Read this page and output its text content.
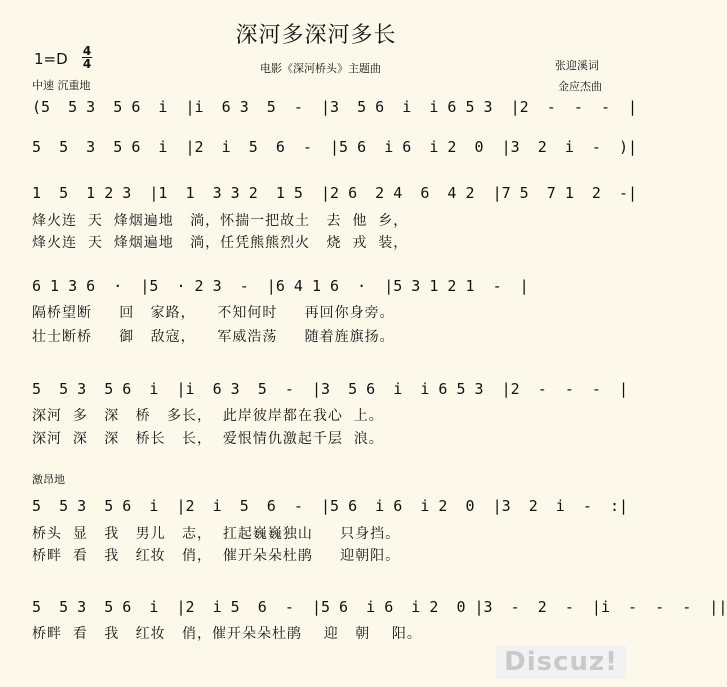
深河多深河多长
1=D 4
4	电影《深河桥头》主题曲	张迎溪词
金应杰曲
中速 沉重地
(5  5 3  5 6  i  |i  6 3  5  -  |3  5 6  i  i 6 5 3  |2  -  -  -  |
5  5  3  5 6  i  |2  i  5  6  -  |5 6  i 6  i 2  0  |3  2  i  -  )|
1  5  1 2 3  |1  1  3 3 2  1 5  |2 6  2 4  6  4 2  |7 5  7 1  2  -|
烽火连  天  烽烟遍地   淌，怀揣一把故土   去  他  乡，
烽火连  天  烽烟遍地   淌，任凭熊熊烈火   烧  戎  装，
6 1 3 6  ·  |5  · 2 3  -  |6 4 1 6  ·  |5 3 1 2 1  -  |
隔桥望断     回   家路，    不知何时     再回你身旁。
壮士断桥     御   敌寇，    军威浩荡     随着旌旗扬。
5  5 3  5 6  i  |i  6 3  5  -  |3  5 6  i  i 6 5 3  |2  -  -  -  |
深河  多   深   桥   多长，  此岸彼岸都在我心  上。
深河  深   深   桥长   长，  爱恨情仇激起千层  浪。
激昂地
5  5 3  5 6  i  |2  i  5  6  -  |5 6  i 6  i 2  0  |3  2  i  -  :|
桥头  显   我   男儿   志，  扛起巍巍独山     只身挡。
桥畔  看   我   红妆   俏，  催开朵朵杜鹃     迎朝阳。
5  5 3  5 6  i  |2  i 5  6  -  |5 6  i 6  i 2  0 |3  -  2  -  |i  -  -  -  ||
桥畔  看   我   红妆   俏，催开朵朵杜鹃    迎   朝    阳。
Discuz!
